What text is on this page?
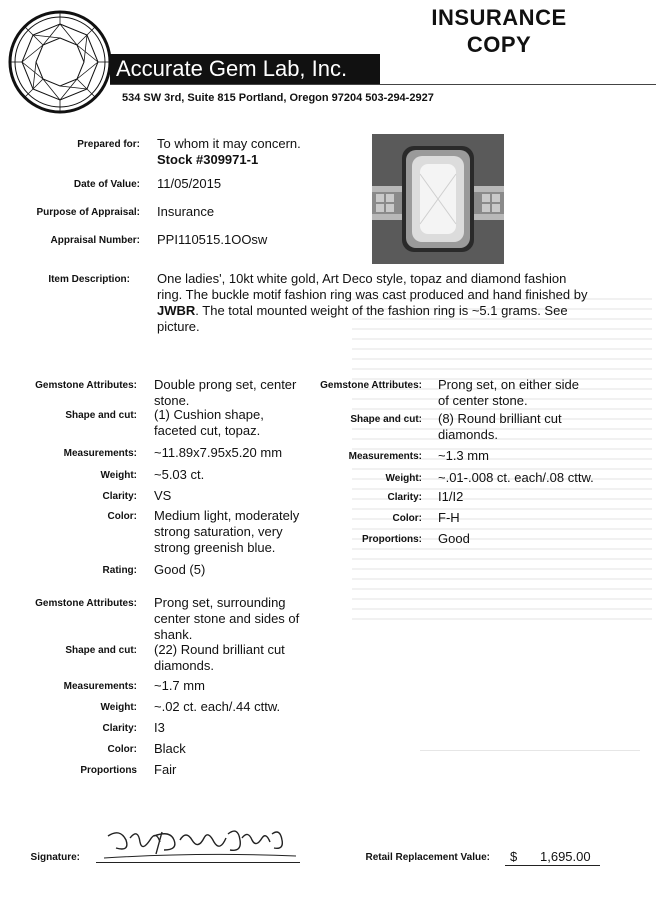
INSURANCE
COPY
Accurate Gem Lab, Inc.
534 SW 3rd, Suite 815 Portland, Oregon 97204 503-294-2927
Prepared for: To whom it may concern.
Stock #309971-1
Date of Value: 11/05/2015
Purpose of Appraisal: Insurance
Appraisal Number: PPI110515.1OOsw
Item Description: One ladies', 10kt white gold, Art Deco style, topaz and diamond fashion
ring. The buckle motif fashion ring was cast produced and hand finished by
JWBR. The total mounted weight of the fashion ring is ~5.1 grams. See
picture.
Gemstone Attributes: Double prong set, center
stone.
Shape and cut: (1) Cushion shape,
faceted cut, topaz.
Measurements: ~11.89x7.95x5.20 mm
Weight: ~5.03 ct.
Clarity: VS
Color: Medium light, moderately
strong saturation, very
strong greenish blue.
Rating: Good (5)
Gemstone Attributes: Prong set, on either side
of center stone.
Shape and cut: (8) Round brilliant cut
diamonds.
Measurements: ~1.3 mm
Weight: ~.01-.008 ct. each/.08 cttw.
Clarity: I1/I2
Color: F-H
Proportions: Good
Gemstone Attributes: Prong set, surrounding
center stone and sides of
shank.
Shape and cut: (22) Round brilliant cut
diamonds.
Measurements: ~1.7 mm
Weight: ~.02 ct. each/.44 cttw.
Clarity: I3
Color: Black
Proportions Fair
Signature:	Retail Replacement Value: $ 1,695.00
